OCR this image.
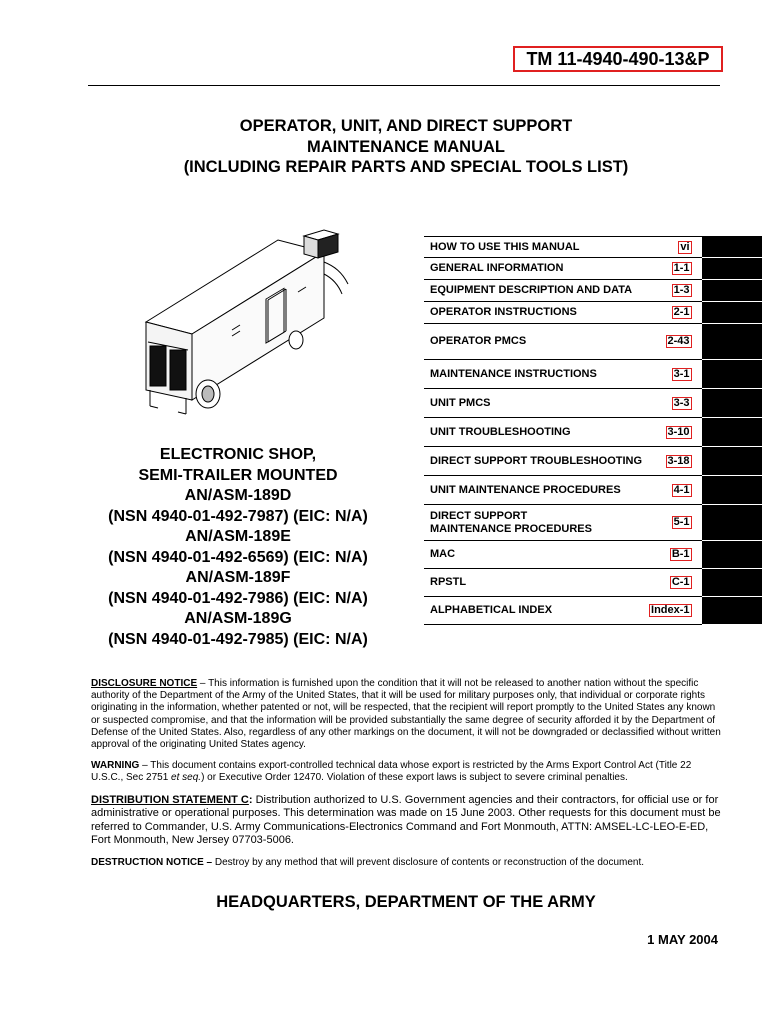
TM 11-4940-490-13&P
OPERATOR, UNIT, AND DIRECT SUPPORT
MAINTENANCE MANUAL
(INCLUDING REPAIR PARTS AND SPECIAL TOOLS LIST)
ELECTRONIC SHOP,
SEMI-TRAILER MOUNTED
AN/ASM-189D
(NSN 4940-01-492-7987) (EIC: N/A)
AN/ASM-189E
(NSN 4940-01-492-6569) (EIC: N/A)
AN/ASM-189F
(NSN 4940-01-492-7986) (EIC: N/A)
AN/ASM-189G
(NSN 4940-01-492-7985) (EIC: N/A)
HOW TO USE THIS MANUAL	vi	
GENERAL INFORMATION	1-1	
EQUIPMENT DESCRIPTION AND DATA	1-3	
OPERATOR INSTRUCTIONS	2-1	
OPERATOR PMCS	2-43	
MAINTENANCE INSTRUCTIONS	3-1	
UNIT PMCS	3-3	
UNIT TROUBLESHOOTING	3-10	
DIRECT SUPPORT TROUBLESHOOTING	3-18	
UNIT MAINTENANCE PROCEDURES	4-1	

DIRECT SUPPORT
MAINTENANCE PROCEDURES	5-1	
MAC	B-1	
RPSTL	C-1	
ALPHABETICAL INDEX	Index-1	

DISCLOSURE NOTICE – This information is furnished upon the condition that it will not be released to another nation without the specific authority of the Department of the Army of the United States, that it will be used for military purposes only, that individual or corporate rights originating in the information, whether patented or not, will be respected, that the recipient will report promptly to the United States any known or suspected compromise, and that the information will be provided substantially the same degree of security afforded it by the Department of Defense of the United States. Also, regardless of any other markings on the document, it will not be downgraded or declassified without written approval of the originating United States agency.

WARNING – This document contains export-controlled technical data whose export is restricted by the Arms Export Control Act (Title 22 U.S.C., Sec 2751 et seq.) or Executive Order 12470. Violation of these export laws is subject to severe criminal penalties.

DISTRIBUTION STATEMENT C: Distribution authorized to U.S. Government agencies and their contractors, for official use or for administrative or operational purposes. This determination was made on 15 June 2003. Other requests for this document must be referred to Commander, U.S. Army Communications-Electronics Command and Fort Monmouth, ATTN: AMSEL-LC-LEO-E-ED, Fort Monmouth, New Jersey 07703-5006.

DESTRUCTION NOTICE – Destroy by any method that will prevent disclosure of contents or reconstruction of the document.

HEADQUARTERS, DEPARTMENT OF THE ARMY
1 MAY 2004
